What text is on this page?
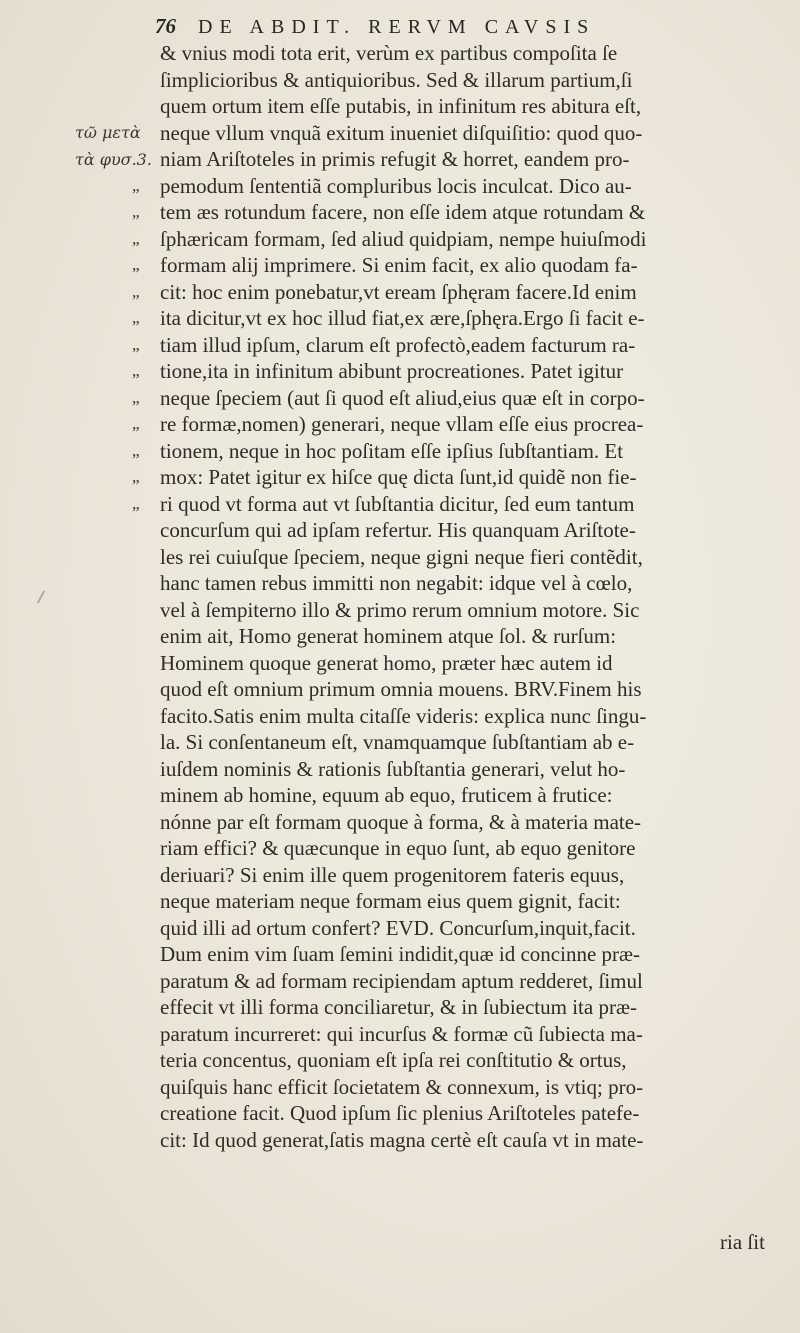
76 DE ABDIT. RERVM CAVSIS
τῶ μετὰ
τὰ φυσ.3.
& vnius modi tota erit, verùm ex partibus compoſita ſe
ſimplicioribus & antiquioribus. Sed & illarum partium,ſi
quem ortum item eſſe putabis, in infinitum res abitura eſt,
neque vllum vnquã exitum inueniet diſquiſitio: quod quo-
niam Ariſtoteles in primis refugit & horret, eandem pro-
„ pemodum ſententiã compluribus locis inculcat. Dico au-
„ tem æs rotundum facere, non eſſe idem atque rotundam &
„ ſphæricam formam, ſed aliud quidpiam, nempe huiuſmodi
„ formam alij imprimere. Si enim facit, ex alio quodam fa-
„ cit: hoc enim ponebatur,vt eream ſphęram facere.Id enim
„ ita dicitur,vt ex hoc illud fiat,ex ære,ſphęra.Ergo ſi facit e-
„ tiam illud ipſum, clarum eſt profectò,eadem facturum ra-
„ tione,ita in infinitum abibunt procreationes. Patet igitur
„ neque ſpeciem (aut ſi quod eſt aliud,eius quæ eſt in corpo-
„ re formæ,nomen) generari, neque vllam eſſe eius procrea-
„ tionem, neque in hoc poſitam eſſe ipſius ſubſtantiam. Et
„ mox: Patet igitur ex hiſce quę dicta ſunt,id quidẽ non fie-
„ ri quod vt forma aut vt ſubſtantia dicitur, ſed eum tantum
concurſum qui ad ipſam refertur. His quanquam Ariſtote-
les rei cuiuſque ſpeciem, neque gigni neque fieri contẽdit,
hanc tamen rebus immitti non negabit: idque vel à cœlo,
vel à ſempiterno illo & primo rerum omnium motore. Sic
enim ait, Homo generat hominem atque ſol. & rurſum:
Hominem quoque generat homo, præter hæc autem id
quod eſt omnium primum omnia mouens. BRV.Finem his
facito.Satis enim multa citaſſe videris: explica nunc ſingu-
la. Si conſentaneum eſt, vnamquamque ſubſtantiam ab e-
iuſdem nominis & rationis ſubſtantia generari, velut ho-
minem ab homine, equum ab equo, fruticem à frutice:
nónne par eſt formam quoque à forma, & à materia mate-
riam effici? & quæcunque in equo ſunt, ab equo genitore
deriuari? Si enim ille quem progenitorem fateris equus,
neque materiam neque formam eius quem gignit, facit:
quid illi ad ortum confert? EVD. Concurſum,inquit,facit.
Dum enim vim ſuam ſemini indidit,quæ id concinne præ-
paratum & ad formam recipiendam aptum redderet, ſimul
effecit vt illi forma conciliaretur, & in ſubiectum ita præ-
paratum incurreret: qui incurſus & formæ cũ ſubiecta ma-
teria concentus, quoniam eſt ipſa rei conſtitutio & ortus,
quiſquis hanc efficit ſocietatem & connexum, is vtiq; pro-
creatione facit. Quod ipſum ſic plenius Ariſtoteles patefe-
cit: Id quod generat,ſatis magna certè eſt cauſa vt in mate-
ria ſit
